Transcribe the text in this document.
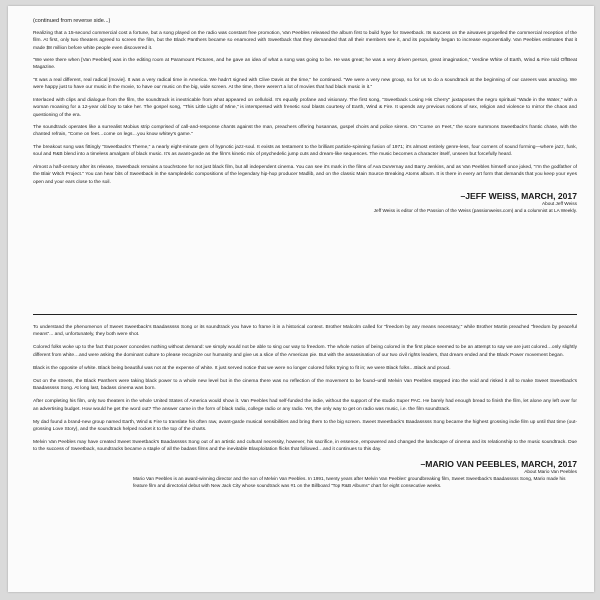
(continued from reverse side...)

Realizing that a 15-second commercial cost a fortune, but a song played on the radio was constant free promotion, Van Peebles released the album first to build hype for Sweetback. Its success on the airwaves propelled the commercial reception of the film. At first, only two theaters agreed to screen the film, but the Black Panthers became so enamored with Sweetback that they demanded that all their members see it, and its popularity began to increase exponentially. Van Peebles estimates that it made $8 million before white people even discovered it.

"We were there when [Van Peebles] was in the editing room at Paramount Pictures, and he gave an idea of what a song was going to be. He was great; he was a very driven person, great imagination," Verdine White of Earth, Wind & Fire told OffBeat Magazine.

"It was a real different, real radical [movie]. It was a very radical time in America. We hadn't signed with Clive Davis at the time," he continued. "We were a very new group, so for us to do a soundtrack at the beginning of our careers was amazing. We were happy just to have our music in the movie, to have our music on the big, wide screen. At the time, there weren't a lot of movies that had black music in it."

Interlaced with clips and dialogue from the film, the soundtrack is inextricable from what appeared on celluloid. It's equally profane and visionary. The first song, "Sweetback Losing His Cherry" juxtaposes the negro spiritual "Wade in the Water," with a woman moaning for a 12-year old boy to take her. The gospel song, "This Little Light of Mine," is interspersed with frenetic soul blasts courtesy of Earth, Wind & Fire. It upends any previous notions of sex, religion and violence to mirror the chaos and questioning of the era.

The soundtrack operates like a surrealist Mobius strip comprised of call-and-response chants against the man, preachers offering hosannas, gospel choirs and police sirens. On "Come on Feet," the score summons Sweetback's frantic chase, with the chanted refrain, "Come on feet…come on legs…you know whitey's game."

The breakout song was fittingly "Sweetback's Theme," a nearly eight-minute gem of hypnotic jazz-soul. It exists as testament to the brilliant particle-spinning fusion of 1971; it's almost entirely genre-less, four corners of sound forming—where jazz, funk, soul and R&B blend into a timeless amalgam of black music. It's as avant-garde as the film's kinetic mix of psychedelic jump cuts and dream-like sequences. The music becomes a character itself, unseen but forcefully heard.

Almost a half-century after its release, Sweetback remains a touchstone for not just black film, but all independent cinema. You can see it's mark in the films of Ava DuVernay and Barry Jenkins, and as Van Peebles himself once joked, "I'm the godfather of the Blair Witch Project." You can hear bits of Sweetback in the sampledelic compositions of the legendary hip-hop producer Madlib, and on the classic Main Source Breaking Atoms album. It is there in every art form that demands that you keep your eyes open and your ears close to the soil.

–JEFF WEISS, MARCH, 2017
About Jeff Weiss
Jeff Weiss is editor of the Passion of the Weiss (passionweiss.com) and a columnist at LA Weekly.

To understand the phenomenon of Sweet Sweetback's Baadasssss Song or its soundtrack you have to frame it in a historical context. Brother Malcolm called for "freedom by any means necessary," while Brother Martin preached "freedom by peaceful means"... and, unfortunately, they both were shot.

Colored folks woke up to the fact that power concedes nothing without demand: we simply would not be able to sing our way to freedom. The whole notion of being colored in the first place seemed to be an attempt to say we are just colored…only slightly different from white…and were asking the dominant culture to please recognize our humanity and give us a slice of the American pie. But with the assassination of our two civil rights leaders, that dream ended and the Black Power movement began.

Black is the opposite of white. Black being beautiful was not at the expense of white. It just served notice that we were no longer colored folks trying to fit in; we were Black folks…Black and proud.

Out on the streets, the Black Panthers were taking black power to a whole new level but in the cinema there was no reflection of the movement to be found–until Melvin Van Peebles stepped into the void and risked it all to make Sweet Sweetback's Baadasssss Song. At long last, badass cinema was born.

After completing his film, only two theaters in the whole United States of America would show it. Van Peebles had self-funded the indie, without the support of the studio Super PAC. He barely had enough bread to finish the film, let alone any left over for an advertising budget. How would he get the word out? The answer came in the form of black radio, college radio or any radio. Yet, the only way to get on radio was music, i.e. the film soundtrack.

My dad found a brand-new group named Earth, Wind & Fire to translate his often raw, avant-garde musical sensibilities and bring them to the big screen. Sweet Sweetback's Baadasssss Song became the highest grossing indie film up until that time (out-grossing Love Story), and the soundtrack helped rocket it to the top of the charts.

Melvin Van Peebles may have created Sweet Sweetback's Baadasssss Song out of an artistic and cultural necessity, however, his sacrifice, in essence, empowered and changed the landscape of cinema and its relationship to the music soundtrack. Due to the success of Sweetback, soundtracks became a staple of all the badass films and the inevitable Blaxploitation flicks that followed…and it continues to this day.

–MARIO VAN PEEBLES, MARCH, 2017
About Mario Van Peebles
Mario Van Peebles is an award-winning director and the son of Melvin Van Peebles. In 1991, twenty years after Melvin Van Peebles' groundbreaking film, Sweet Sweetback's Baadasssss Song, Mario made his feature film and directorial debut with New Jack City whose soundtrack was #1 on the Billboard "Top R&B Albums" chart for eight consecutive weeks.
